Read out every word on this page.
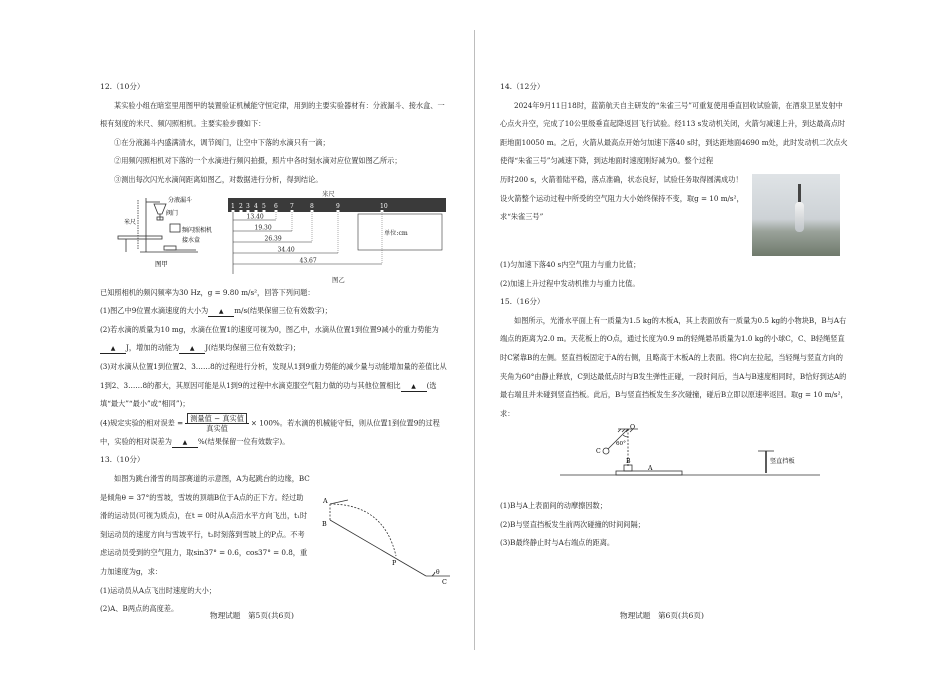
12.（10分）

某实验小组在暗室里用图甲的装置验证机械能守恒定律，用到的主要实验器材有：分液漏斗、接水盒、一根有刻度的米尺、频闪照相机。主要实验步骤如下：

①在分液漏斗内盛满清水，调节阀门，让空中下落的水滴只有一滴；

②用频闪照相机对下落的一个水滴进行频闪拍摄，照片中各时刻水滴对应位置如图乙所示；

③测出每次闪光水滴间距离如图乙，对数据进行分析，得到结论。

分液漏斗
阀门
米尺
频闪照相机
接水盒
图甲
米尺
1 2 3 4 5 6 7	8	9	10
13.40
19.30
26.39
34.40
43.67
单位:cm
图乙

已知照相机的频闪频率为30 Hz，g = 9.80 m/s²，回答下列问题：

(1)图乙中9位置水滴速度的大小为 ▲ m/s(结果保留三位有效数字)；

(2)若水滴的质量为10 mg，水滴在位置1的速度可视为0，图乙中，水滴从位置1到位置9减小的重力势能为▲ J，增加的动能为 ▲ J(结果均保留三位有效数字)；

(3)对水滴从位置1到位置2、3……8的过程进行分析，发现从1到9重力势能的减少量与动能增加量的差值比从1到2、3……8的都大，其原因可能是从1到9的过程中水滴克服空气阻力做的功与其他位置相比 ▲ (选填“最大”“最小”或“相同”)；

(4)规定实验的相对误差 = $\frac{\text{测量值 − 真实值}}{\text{真实值}} \times 100\%$。若水滴的机械能守恒，则从位置1到位置9的过程中，实验的相对误差为 ▲ %(结果保留一位有效数字)。

13.（10分）

如图为跳台滑雪的局部赛道的示意图，A为起跳台的边缘，BC是倾角θ = 37°的雪坡，雪坡的顶端B位于A点的正下方。经过助滑的运动员(可视为质点)，在t = 0时从A点沿水平方向飞出，t₁时刻运动员的速度方向与雪坡平行，t₂时刻落到雪坡上的P点。不考虑运动员受到的空气阻力，取sin37° = 0.6，cos37° = 0.8，重力加速度为g，求：

(1)运动员从A点飞出时速度的大小；

(2)A、B两点的高度差。

A
B
P
C
θ
物理试题　第5页(共6页)

14.（12分）

2024年9月11日18时，蓝箭航天自主研发的“朱雀三号”可重复使用垂直回收试验箭，在酒泉卫星发射中心点火升空，完成了10公里级垂直起降返回飞行试验。经113 s发动机关闭，火箭匀减速上升，到达最高点时距地面10050 m。之后，火箭从最高点开始匀加速下落40 s时，到达距地面4690 m处，此时发动机二次点火使得“朱雀三号”匀减速下降，到达地面时速度刚好减为0。整个过程

历时200 s，火箭着陆平稳，落点准确，状态良好，试验任务取得圆满成功！设火箭整个运动过程中所受的空气阻力大小始终保持不变，取g = 10 m/s²，求“朱雀三号”

(1)匀加速下落40 s内空气阻力与重力比值；

(2)加速上升过程中发动机推力与重力比值。

15.（16分）

如图所示，光滑水平面上有一质量为1.5 kg的木板A，其上表面放有一质量为0.5 kg的小物块B，B与A右端点的距离为2.0 m。天花板上的O点，通过长度为0.9 m的轻绳悬吊质量为1.0 kg的小球C，C、B轻绳竖直时C紧靠B的左侧。竖直挡板固定于A的右侧，且略高于木板A的上表面。将C向左拉起，当轻绳与竖直方向的夹角为60°由静止释放，C到达最低点时与B发生弹性正碰，一段时间后，当A与B速度相同时，B恰好到达A的最右端且并未碰到竖直挡板。此后，B与竖直挡板发生多次碰撞，碰后B立即以原速率返回。取g = 10 m/s²，求：

O
C
60°
B
A
竖直挡板

(1)B与A上表面间的动摩擦因数；

(2)B与竖直挡板发生前两次碰撞的时间间隔；

(3)B最终静止时与A右端点的距离。

物理试题　第6页(共6页)
